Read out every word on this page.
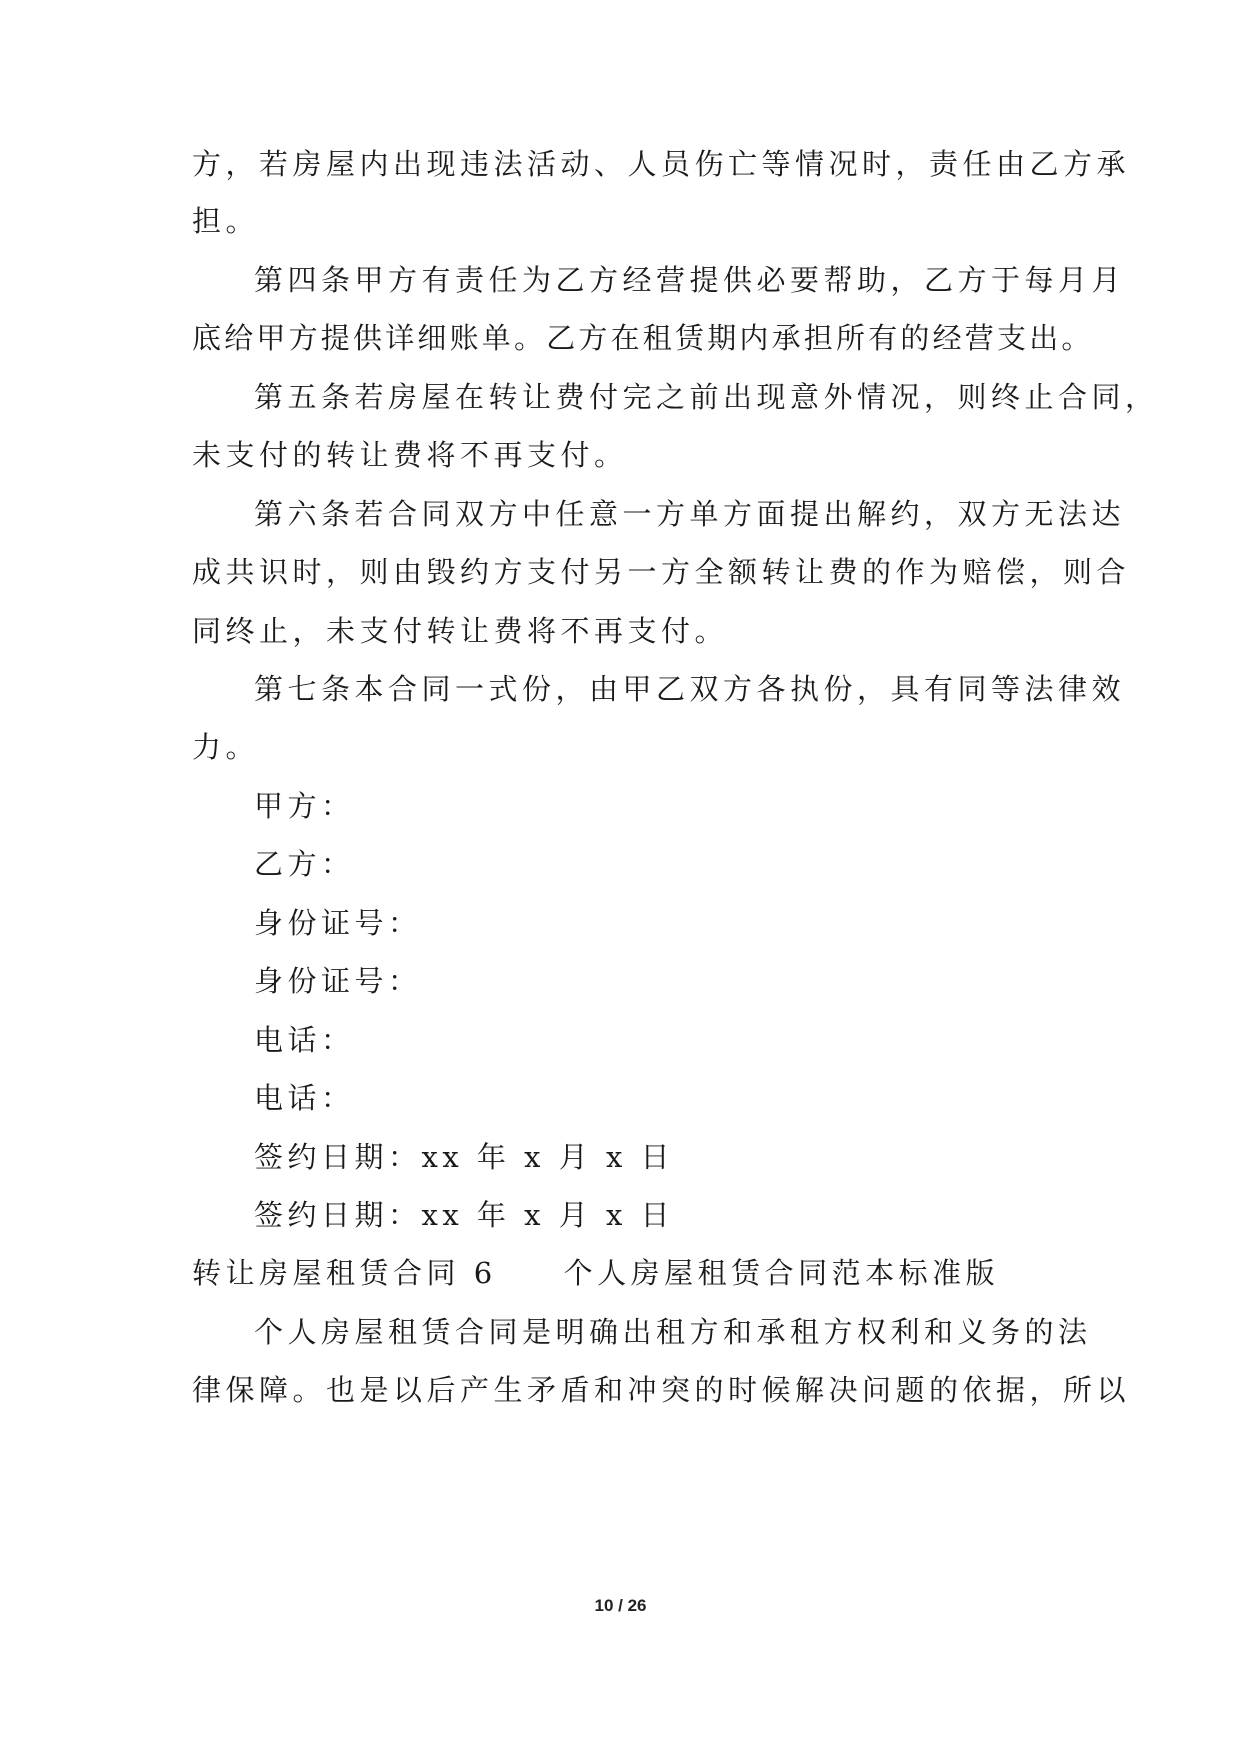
方，若房屋内出现违法活动、人员伤亡等情况时，责任由乙方承
担。
第四条甲方有责任为乙方经营提供必要帮助，乙方于每月月
底给甲方提供详细账单。乙方在租赁期内承担所有的经营支出。
第五条若房屋在转让费付完之前出现意外情况，则终止合同，
未支付的转让费将不再支付。
第六条若合同双方中任意一方单方面提出解约，双方无法达
成共识时，则由毁约方支付另一方全额转让费的作为赔偿，则合
同终止，未支付转让费将不再支付。
第七条本合同一式份，由甲乙双方各执份，具有同等法律效
力。
甲方：
乙方：
身份证号：
身份证号：
电话：
电话：
签约日期：xx 年 x 月 x 日
签约日期：xx 年 x 月 x 日
转让房屋租赁合同 6　　个人房屋租赁合同范本标准版
个人房屋租赁合同是明确出租方和承租方权利和义务的法
律保障。也是以后产生矛盾和冲突的时候解决问题的依据，所以
10 / 26
